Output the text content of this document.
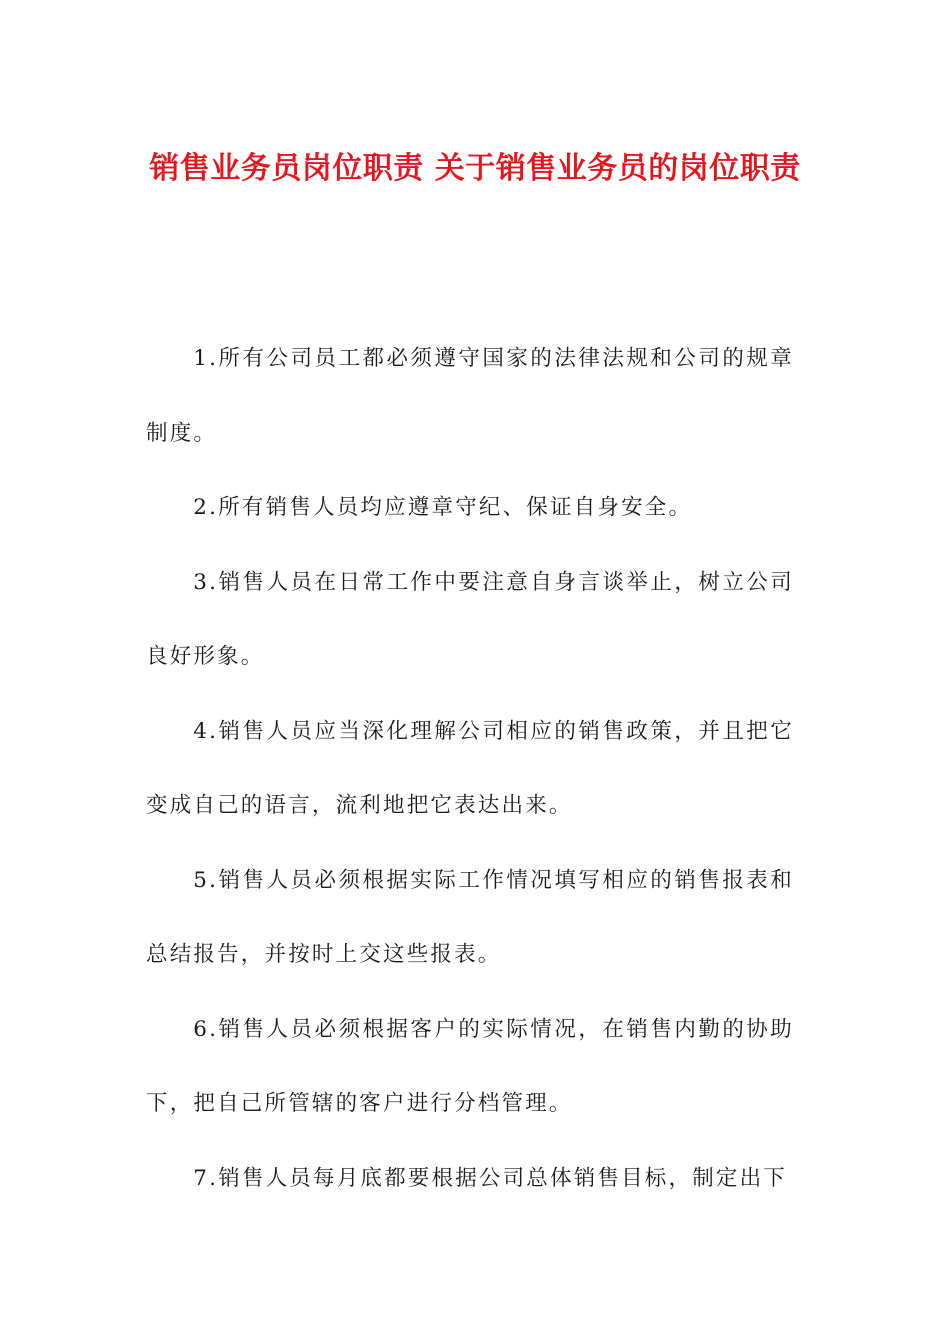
销售业务员岗位职责 关于销售业务员的岗位职责

1.所有公司员工都必须遵守国家的法律法规和公司的规章制度。

2.所有销售人员均应遵章守纪、保证自身安全。

3.销售人员在日常工作中要注意自身言谈举止，树立公司良好形象。

4.销售人员应当深化理解公司相应的销售政策，并且把它变成自己的语言，流利地把它表达出来。

5.销售人员必须根据实际工作情况填写相应的销售报表和总结报告，并按时上交这些报表。

6.销售人员必须根据客户的实际情况，在销售内勤的协助下，把自己所管辖的客户进行分档管理。

7.销售人员每月底都要根据公司总体销售目标，制定出下
